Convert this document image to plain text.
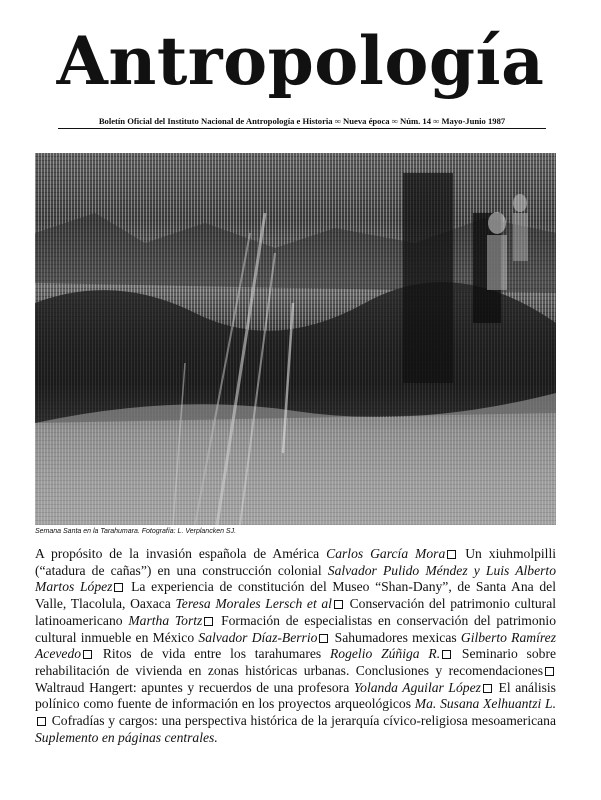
Antropología
Boletín Oficial del Instituto Nacional de Antropología e Historia ∞ Nueva época ∞ Núm. 14 ∞ Mayo-Junio 1987
Semana Santa en la Tarahumara. Fotografía: L. Verplancken SJ.

A propósito de la invasión española de América Carlos García Mora Un xiuhmolpilli (“atadura de cañas”) en una construcción colonial Salvador Pulido Méndez y Luis Alberto Martos López La experiencia de constitución del Museo “Shan-Dany”, de Santa Ana del Valle, Tlacolula, Oaxaca Teresa Morales Lersch et al Conservación del patrimonio cultural latinoamericano Martha Tortz Formación de especialistas en conservación del patrimonio cultural inmueble en México Salvador Díaz-Berrio Sahumadores mexicas Gilberto Ramírez Acevedo Ritos de vida entre los tarahumares Rogelio Zúñiga R. Seminario sobre rehabilitación de vivienda en zonas históricas urbanas. Conclusiones y recomendaciones Waltraud Hangert: apuntes y recuerdos de una profesora Yolanda Aguilar López El análisis polínico como fuente de información en los proyectos arqueológicos Ma. Susana Xelhuantzi L. Cofradías y cargos: una perspectiva histórica de la jerarquía cívico-religiosa mesoamericana Suplemento en páginas centrales.
